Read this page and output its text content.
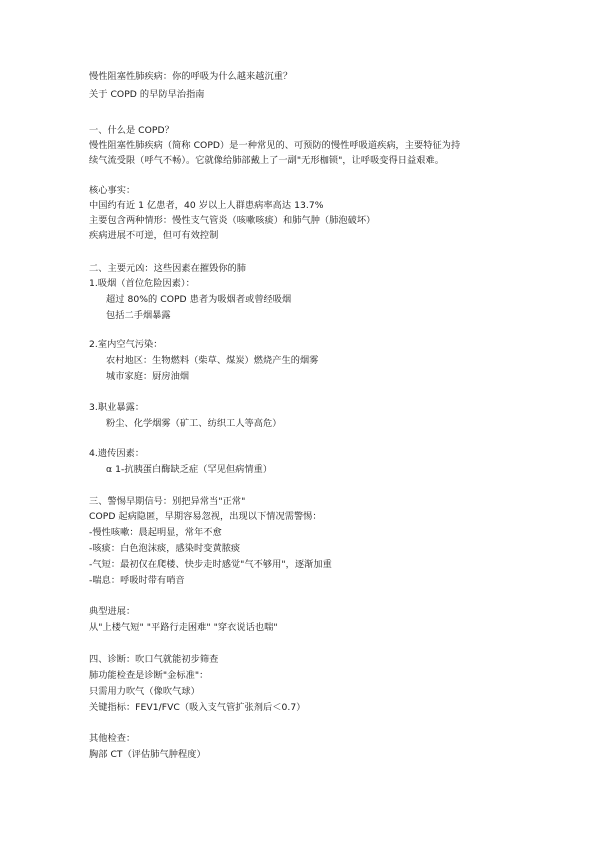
慢性阻塞性肺疾病：你的呼吸为什么越来越沉重？

关于 COPD 的早防早治指南

一、什么是 COPD？

慢性阻塞性肺疾病（简称 COPD）是一种常见的、可预防的慢性呼吸道疾病，主要特征为持

续气流受限（呼气不畅）。它就像给肺部戴上了一副"无形枷锁"，让呼吸变得日益艰难。

核心事实：

中国约有近 1 亿患者，40 岁以上人群患病率高达 13.7%

主要包含两种情形：慢性支气管炎（咳嗽咳痰）和肺气肿（肺泡破坏）

疾病进展不可逆，但可有效控制

二、主要元凶：这些因素在摧毁你的肺

1.吸烟（首位危险因素）：

超过 80%的 COPD 患者为吸烟者或曾经吸烟

包括二手烟暴露

2.室内空气污染：

农村地区：生物燃料（柴草、煤炭）燃烧产生的烟雾

城市家庭：厨房油烟

3.职业暴露：

粉尘、化学烟雾（矿工、纺织工人等高危）

4.遗传因素：

α 1-抗胰蛋白酶缺乏症（罕见但病情重）

三、警惕早期信号：别把异常当"正常"

COPD 起病隐匿，早期容易忽视，出现以下情况需警惕：

-慢性咳嗽：晨起明显，常年不愈

-咳痰：白色泡沫痰，感染时变黄脓痰

-气短：最初仅在爬楼、快步走时感觉"气不够用"，逐渐加重

-喘息：呼吸时带有哨音

典型进展：

从"上楼气短" "平路行走困难" "穿衣说话也喘"

四、诊断：吹口气就能初步筛查

肺功能检查是诊断"金标准"：

只需用力吹气（像吹气球）

关键指标：FEV1/FVC（吸入支气管扩张剂后＜0.7）

其他检查：

胸部 CT（评估肺气肿程度）
